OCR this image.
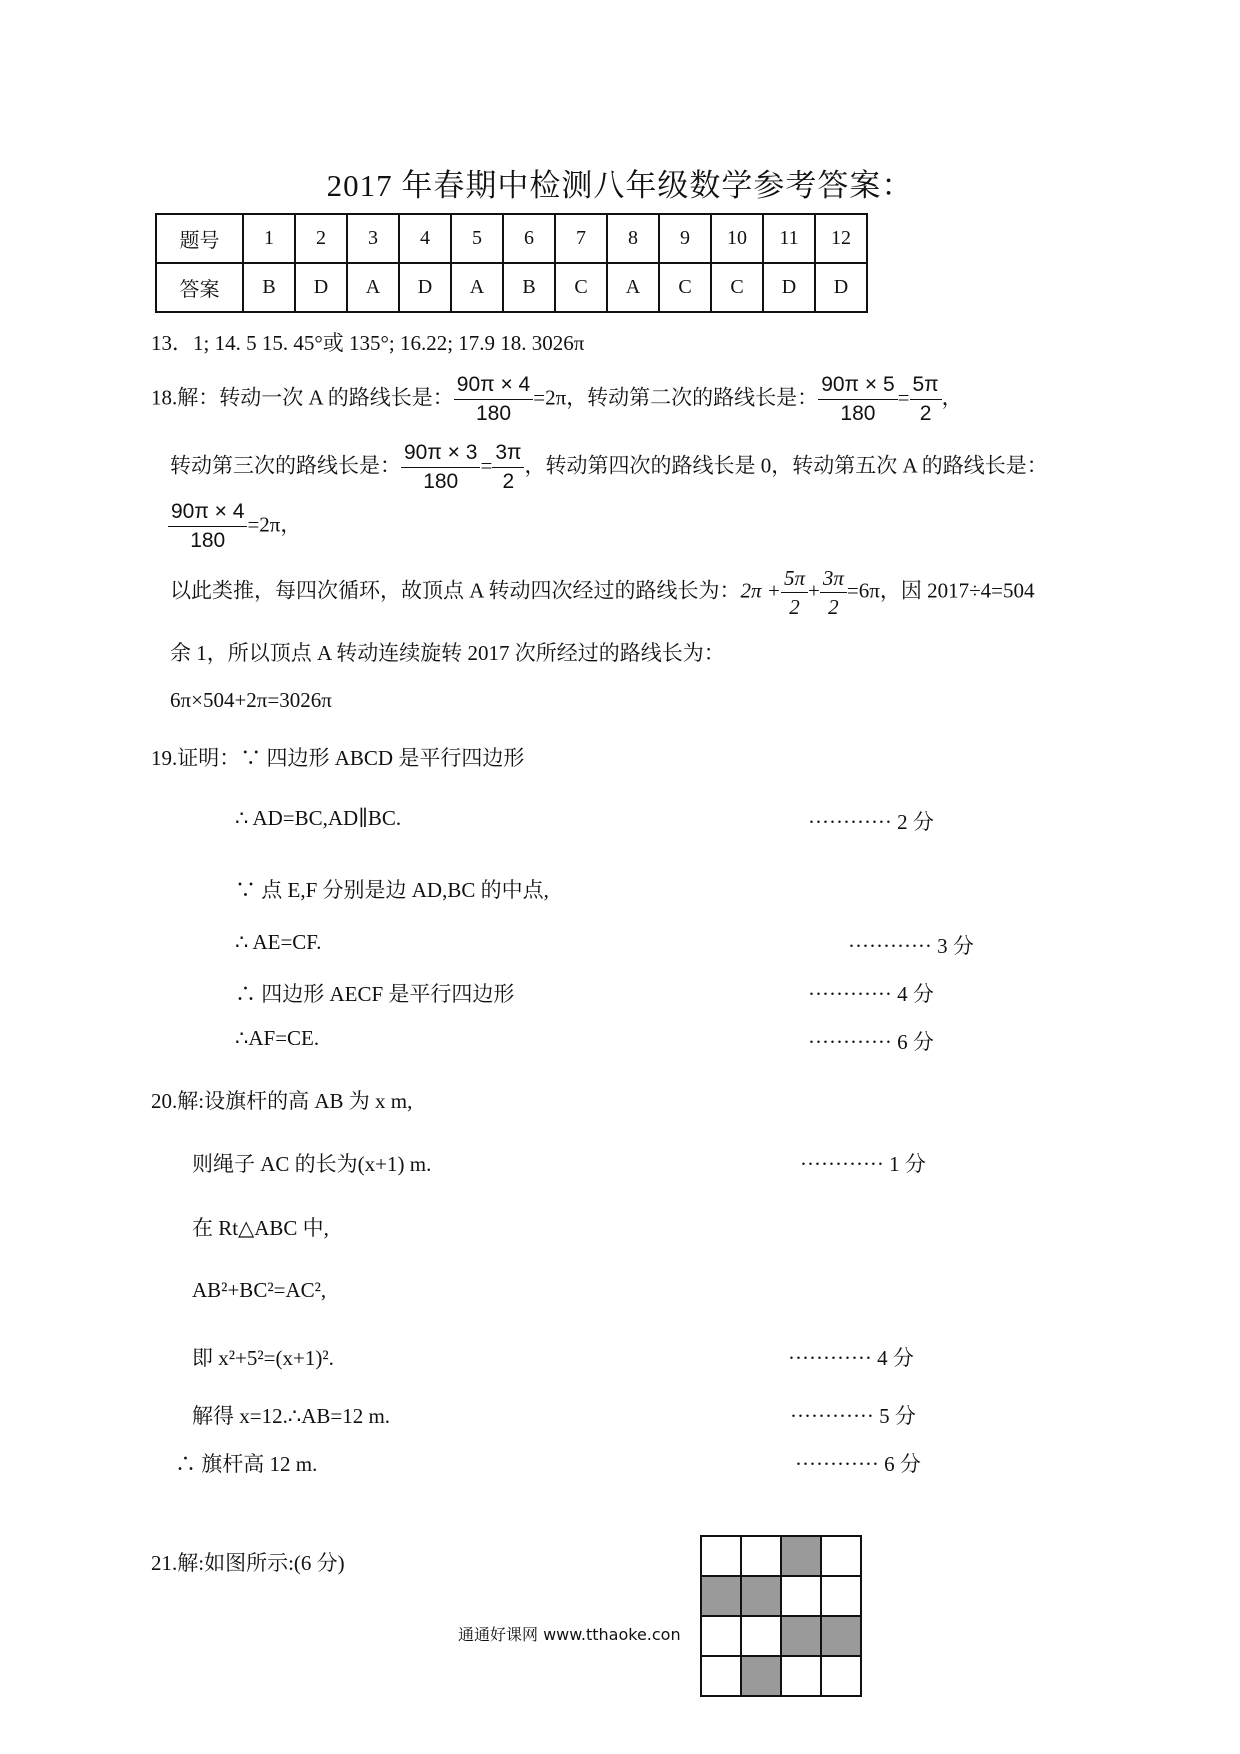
2017 年春期中检测八年级数学参考答案：
题号	1	2	3	4	5	6	7	8	9	10	11	12
答案	B	D	A	D	A	B	C	A	C	C	D	D
13．1; 14. 5 15. 45°或 135°; 16.22; 17.9 18. 3026π
18.解：转动一次 A 的路线长是： $\frac{90\pi \times 4}{180} =2\pi$，转动第二次的路线长是： $\frac{90\pi \times 5}{180} = \frac{5\pi}{2}$ ，
转动第三次的路线长是： $\frac{90\pi \times 3}{180} = \frac{3\pi}{2}$ ，转动第四次的路线长是 0，转动第五次 A 的路线长是：
$\frac{90\pi \times 4}{180} =2\pi$，
以此类推，每四次循环，故顶点 A 转动四次经过的路线长为：$2\pi + \frac{5\pi}{2} + \frac{3\pi}{2} =6\pi$，因 2017÷4=504
余 1，所以顶点 A 转动连续旋转 2017 次所经过的路线长为：
6π×504+2π=3026π
19.证明：∵ 四边形 ABCD 是平行四边形
∴ AD=BC,AD∥BC.	············ 2 分
∵ 点 E,F 分别是边 AD,BC 的中点,
∴ AE=CF.	············ 3 分
∴ 四边形 AECF 是平行四边形	············ 4 分
∴AF=CE.	············ 6 分
20.解:设旗杆的高 AB 为 x m,
则绳子 AC 的长为(x+1) m.	············ 1 分
在 Rt△ABC 中,
AB²+BC²=AC²,
即 x²+5²=(x+1)².	············ 4 分
解得 x=12.∴AB=12 m.	············ 5 分
∴ 旗杆高 12 m.	············ 6 分
21.解:如图所示:(6 分)

通通好课网 www.tthaoke.con
